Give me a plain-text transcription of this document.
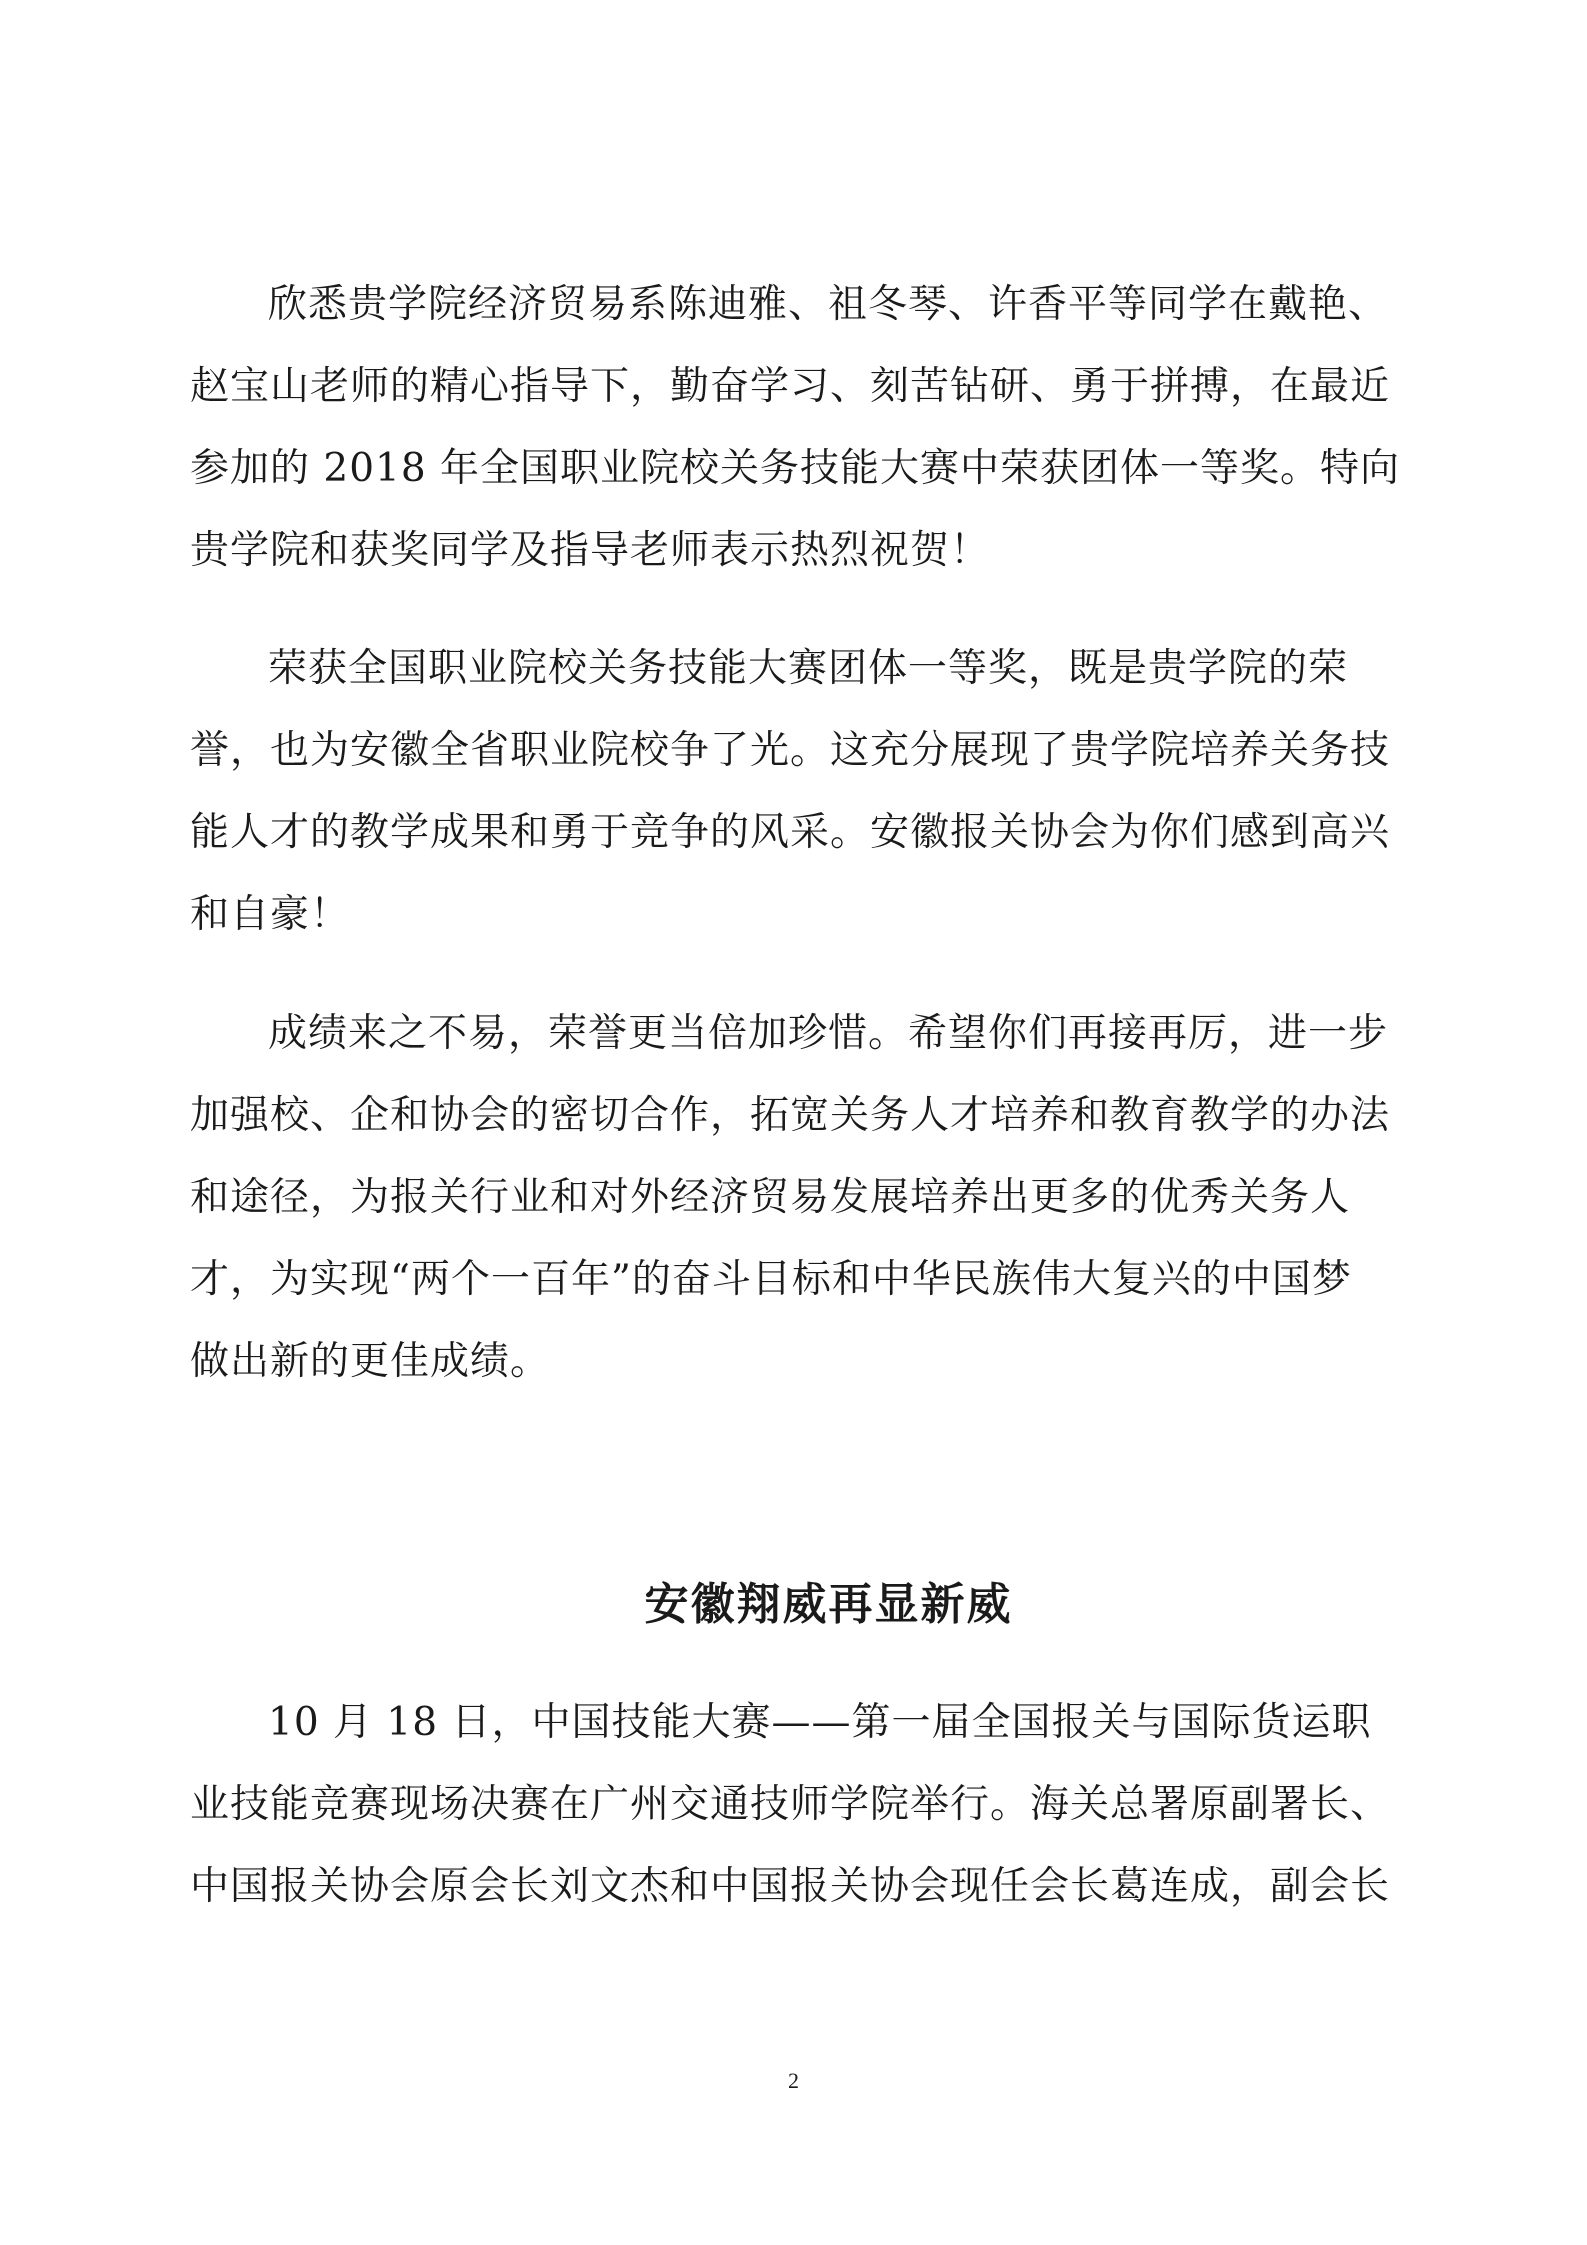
欣悉贵学院经济贸易系陈迪雅、祖冬琴、许香平等同学在戴艳、
赵宝山老师的精心指导下，勤奋学习、刻苦钻研、勇于拼搏，在最近
参加的 2018 年全国职业院校关务技能大赛中荣获团体一等奖。特向
贵学院和获奖同学及指导老师表示热烈祝贺！

荣获全国职业院校关务技能大赛团体一等奖，既是贵学院的荣
誉，也为安徽全省职业院校争了光。这充分展现了贵学院培养关务技
能人才的教学成果和勇于竞争的风采。安徽报关协会为你们感到高兴
和自豪！

成绩来之不易，荣誉更当倍加珍惜。希望你们再接再厉，进一步
加强校、企和协会的密切合作，拓宽关务人才培养和教育教学的办法
和途径，为报关行业和对外经济贸易发展培养出更多的优秀关务人
才，为实现“两个一百年”的奋斗目标和中华民族伟大复兴的中国梦
做出新的更佳成绩。

安徽翔威再显新威

10 月 18 日，中国技能大赛——第一届全国报关与国际货运职
业技能竞赛现场决赛在广州交通技师学院举行。海关总署原副署长、
中国报关协会原会长刘文杰和中国报关协会现任会长葛连成，副会长

2
